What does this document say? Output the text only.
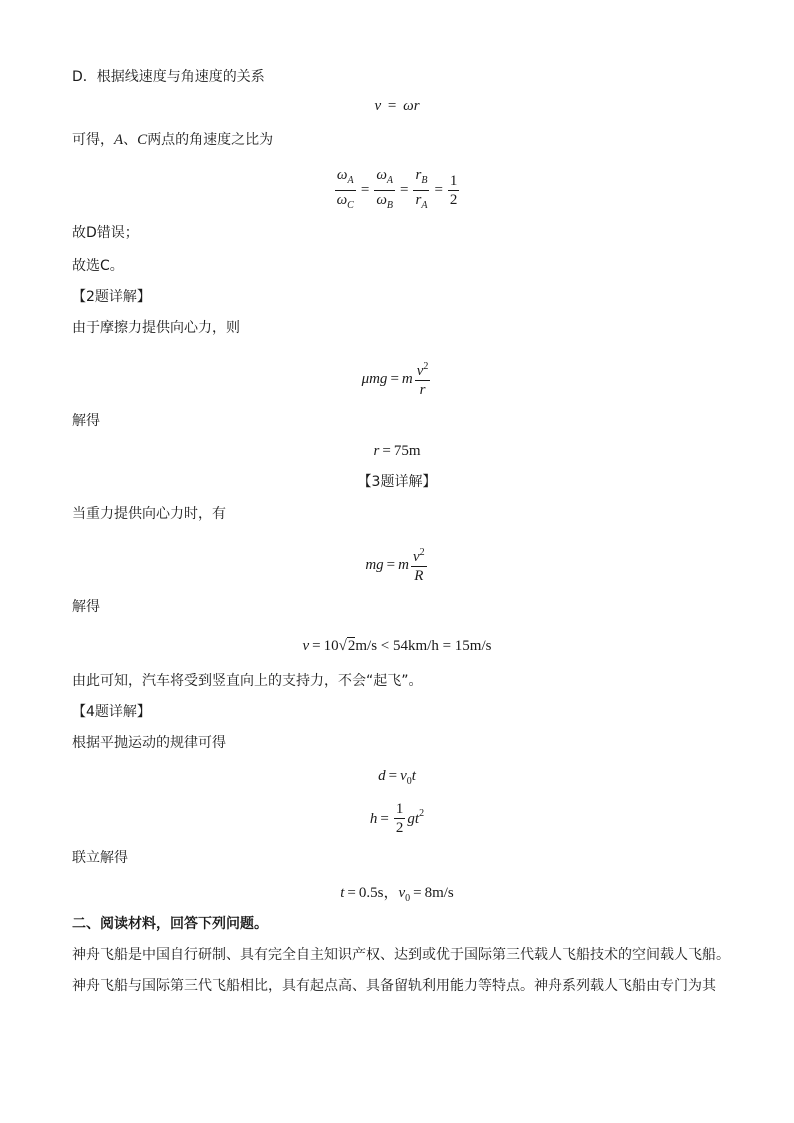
D．根据线速度与角速度的关系
v = ωr
可得，A、C两点的角速度之比为
$\frac{\omega_A}{\omega_C} = \frac{\omega_A}{\omega_B} = \frac{r_B}{r_A} = \frac{1}{2}$
故D错误；
故选C。
【2题详解】
由于摩擦力提供向心力，则
μmg = m $\frac{v^2}{r}$
解得
r = 75m
【3题详解】
当重力提供向心力时，有
mg = m $\frac{v^2}{R}$
解得
v = 10√2m/s < 54km/h = 15m/s
由此可知，汽车将受到竖直向上的支持力，不会“起飞”。
【4题详解】
根据平抛运动的规律可得
$d = v_0t$
$h = \frac{1}{2} gt^2$
联立解得
t = 0.5s，$v_0 = 8m/s$
二、阅读材料，回答下列问题。
神舟飞船是中国自行研制、具有完全自主知识产权、达到或优于国际第三代载人飞船技术的空间载人飞船。
神舟飞船与国际第三代飞船相比，具有起点高、具备留轨利用能力等特点。神舟系列载人飞船由专门为其
